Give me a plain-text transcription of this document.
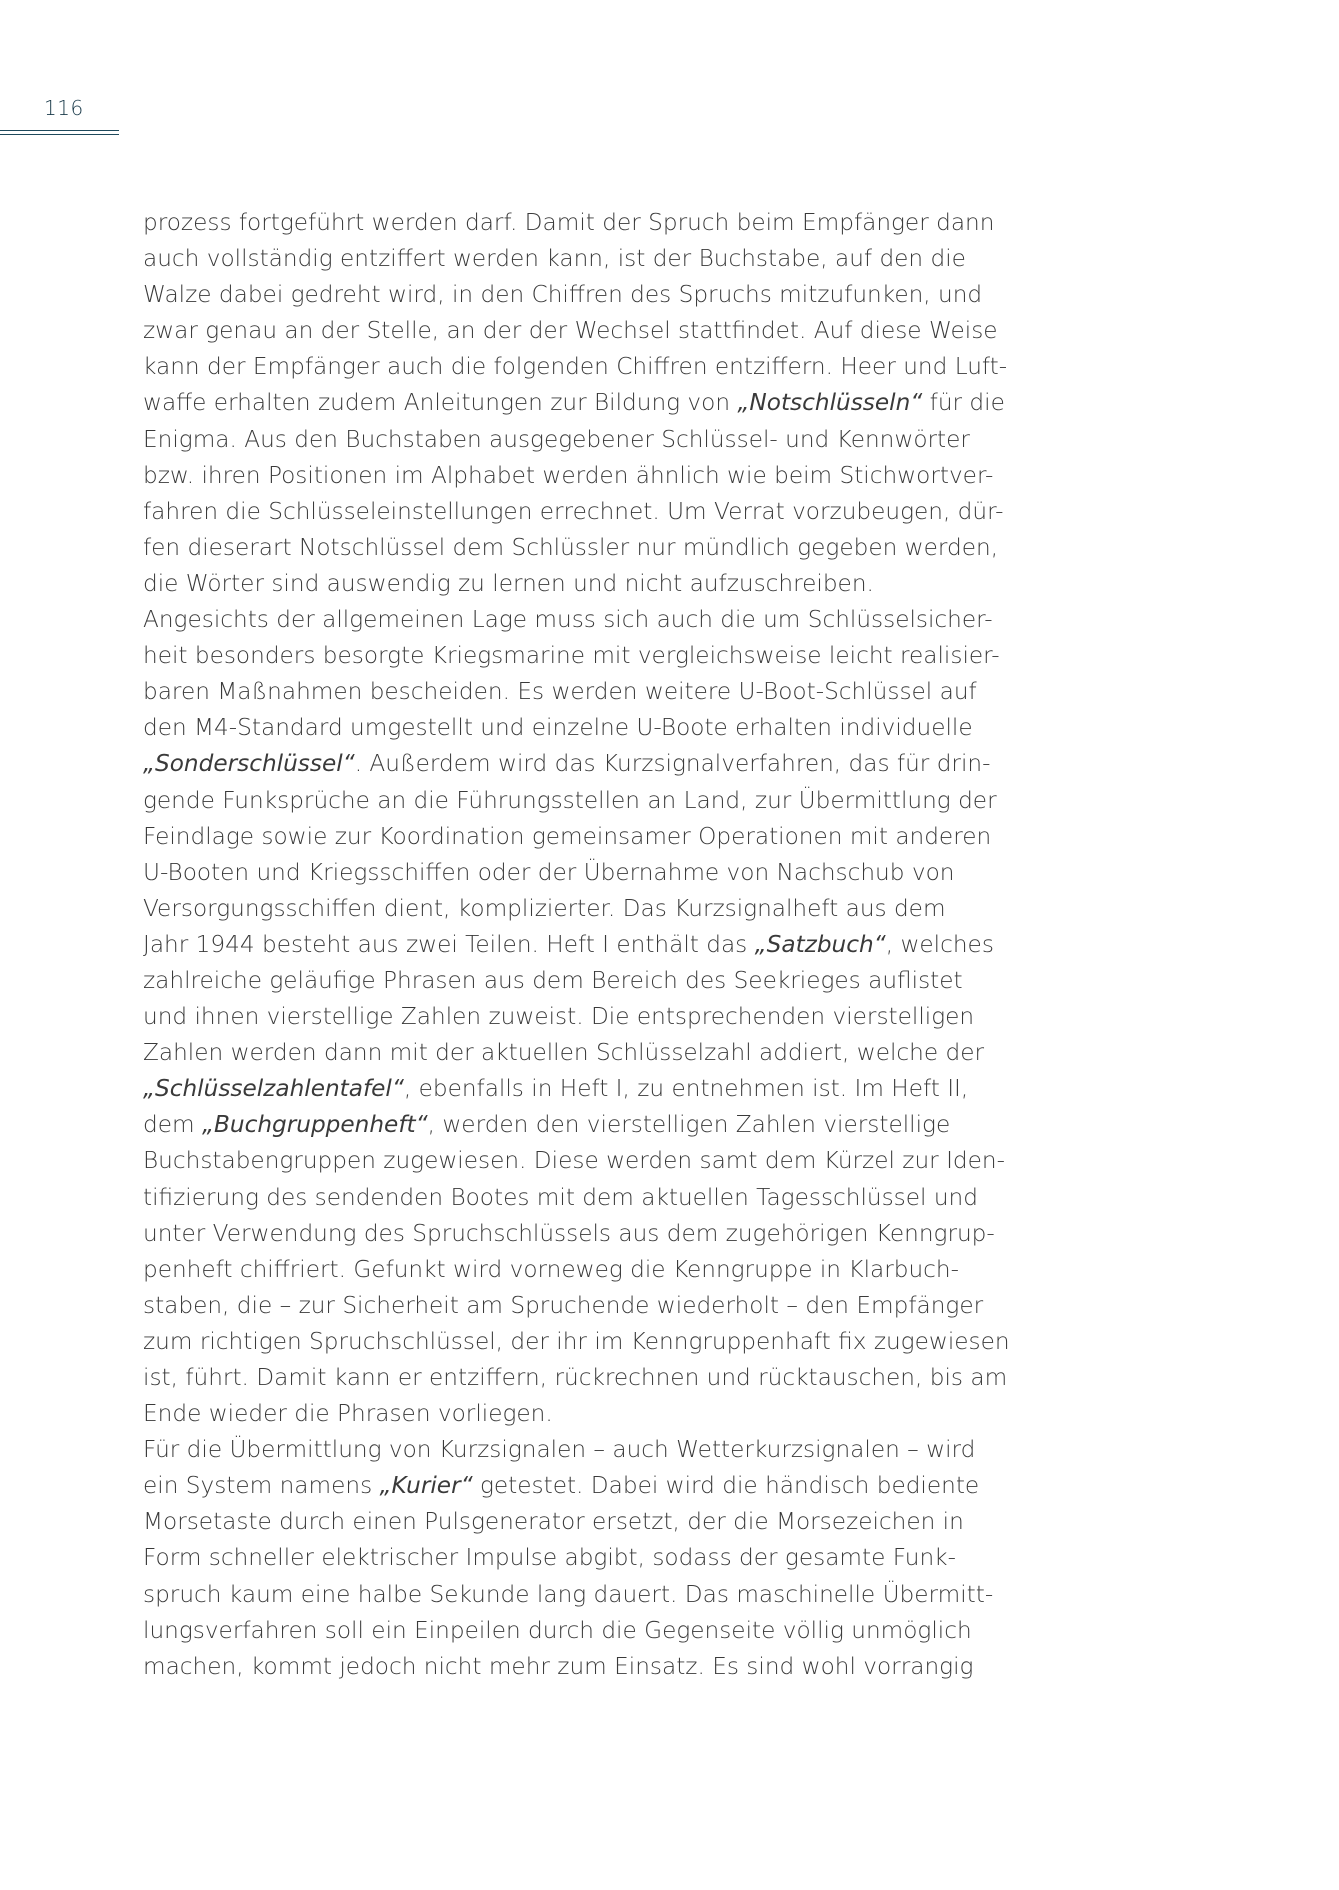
116
prozess fortgeführt werden darf. Damit der Spruch beim Empfänger dann
auch vollständig entziffert werden kann, ist der Buchstabe, auf den die
Walze dabei gedreht wird, in den Chiffren des Spruchs mitzufunken, und
zwar genau an der Stelle, an der der Wechsel stattfindet. Auf diese Weise
kann der Empfänger auch die folgenden Chiffren entziffern. Heer und Luft-
waffe erhalten zudem Anleitungen zur Bildung von „Notschlüsseln“ für die
Enigma. Aus den Buchstaben ausgegebener Schlüssel- und Kennwörter
bzw. ihren Positionen im Alphabet werden ähnlich wie beim Stichwortver-
fahren die Schlüsseleinstellungen errechnet. Um Verrat vorzubeugen, dür-
fen dieserart Notschlüssel dem Schlüssler nur mündlich gegeben werden,
die Wörter sind auswendig zu lernen und nicht aufzuschreiben.
Angesichts der allgemeinen Lage muss sich auch die um Schlüsselsicher-
heit besonders besorgte Kriegsmarine mit vergleichsweise leicht realisier-
baren Maßnahmen bescheiden. Es werden weitere U-Boot-Schlüssel auf
den M4-Standard umgestellt und einzelne U-Boote erhalten individuelle
„Sonderschlüssel“. Außerdem wird das Kurzsignalverfahren, das für drin-
gende Funksprüche an die Führungsstellen an Land, zur Übermittlung der
Feindlage sowie zur Koordination gemeinsamer Operationen mit anderen
U-Booten und Kriegsschiffen oder der Übernahme von Nachschub von
Versorgungsschiffen dient, komplizierter. Das Kurzsignalheft aus dem
Jahr 1944 besteht aus zwei Teilen. Heft I enthält das „Satzbuch“, welches
zahlreiche geläufige Phrasen aus dem Bereich des Seekrieges auflistet
und ihnen vierstellige Zahlen zuweist. Die entsprechenden vierstelligen
Zahlen werden dann mit der aktuellen Schlüsselzahl addiert, welche der
„Schlüsselzahlentafel“, ebenfalls in Heft I, zu entnehmen ist. Im Heft II,
dem „Buchgruppenheft“, werden den vierstelligen Zahlen vierstellige
Buchstabengruppen zugewiesen. Diese werden samt dem Kürzel zur Iden-
tifizierung des sendenden Bootes mit dem aktuellen Tagesschlüssel und
unter Verwendung des Spruchschlüssels aus dem zugehörigen Kenngrup-
penheft chiffriert. Gefunkt wird vorneweg die Kenngruppe in Klarbuch-
staben, die – zur Sicherheit am Spruchende wiederholt – den Empfänger
zum richtigen Spruchschlüssel, der ihr im Kenngruppenhaft fix zugewiesen
ist, führt. Damit kann er entziffern, rückrechnen und rücktauschen, bis am
Ende wieder die Phrasen vorliegen.
Für die Übermittlung von Kurzsignalen – auch Wetterkurzsignalen – wird
ein System namens „Kurier“ getestet. Dabei wird die händisch bediente
Morsetaste durch einen Pulsgenerator ersetzt, der die Morsezeichen in
Form schneller elektrischer Impulse abgibt, sodass der gesamte Funk-
spruch kaum eine halbe Sekunde lang dauert. Das maschinelle Übermitt-
lungsverfahren soll ein Einpeilen durch die Gegenseite völlig unmöglich
machen, kommt jedoch nicht mehr zum Einsatz. Es sind wohl vorrangig
